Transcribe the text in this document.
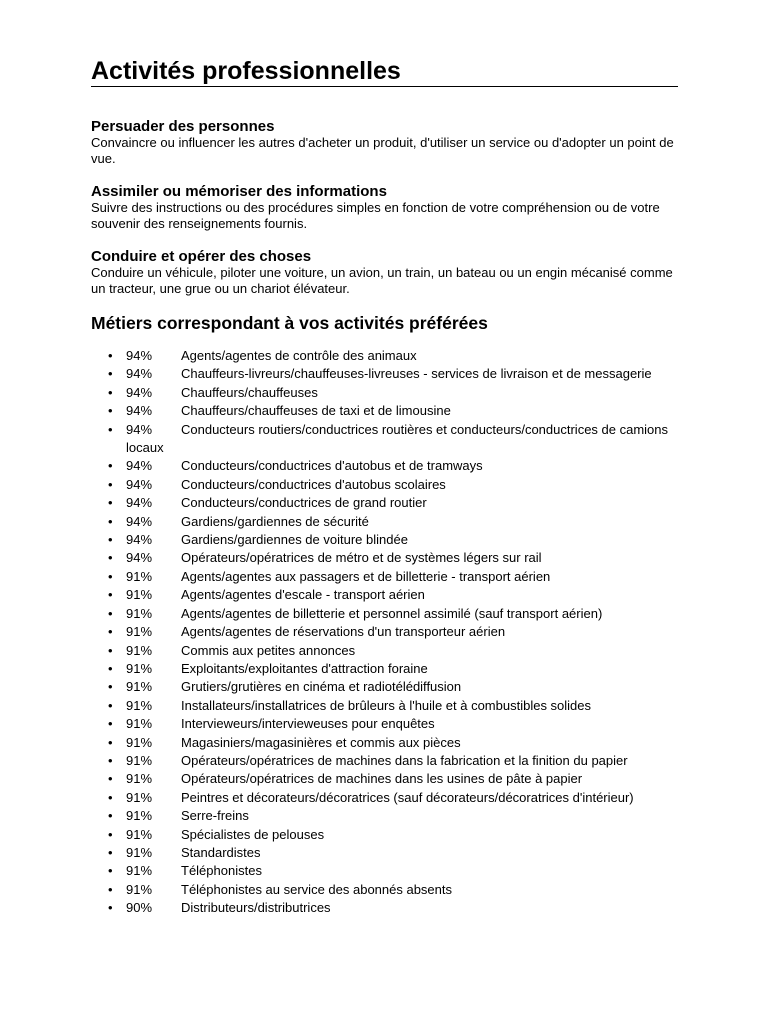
Activités professionnelles
Persuader des personnes

Convaincre ou influencer les autres d'acheter un produit, d'utiliser un service ou d'adopter un point de vue.

Assimiler ou mémoriser des informations

Suivre des instructions ou des procédures simples en fonction de votre compréhension ou de votre souvenir des renseignements fournis.

Conduire et opérer des choses

Conduire un véhicule, piloter une voiture, un avion, un train, un bateau ou un engin mécanisé comme un tracteur, une grue ou un chariot élévateur.

Métiers correspondant à vos activités préférées
• 94% Agents/agentes de contrôle des animaux
• 94% Chauffeurs-livreurs/chauffeuses-livreuses - services de livraison et de messagerie
• 94% Chauffeurs/chauffeuses
• 94% Chauffeurs/chauffeuses de taxi et de limousine
• 94% Conducteurs routiers/conductrices routières et conducteurs/conductrices de camions locaux
• 94% Conducteurs/conductrices d'autobus et de tramways
• 94% Conducteurs/conductrices d'autobus scolaires
• 94% Conducteurs/conductrices de grand routier
• 94% Gardiens/gardiennes de sécurité
• 94% Gardiens/gardiennes de voiture blindée
• 94% Opérateurs/opératrices de métro et de systèmes légers sur rail
• 91% Agents/agentes aux passagers et de billetterie - transport aérien
• 91% Agents/agentes d'escale - transport aérien
• 91% Agents/agentes de billetterie et personnel assimilé (sauf transport aérien)
• 91% Agents/agentes de réservations d'un transporteur aérien
• 91% Commis aux petites annonces
• 91% Exploitants/exploitantes d'attraction foraine
• 91% Grutiers/grutières en cinéma et radiotélédiffusion
• 91% Installateurs/installatrices de brûleurs à l'huile et à combustibles solides
• 91% Intervieweurs/intervieweuses pour enquêtes
• 91% Magasiniers/magasinières et commis aux pièces
• 91% Opérateurs/opératrices de machines dans la fabrication et la finition du papier
• 91% Opérateurs/opératrices de machines dans les usines de pâte à papier
• 91% Peintres et décorateurs/décoratrices (sauf décorateurs/décoratrices d'intérieur)
• 91% Serre-freins
• 91% Spécialistes de pelouses
• 91% Standardistes
• 91% Téléphonistes
• 91% Téléphonistes au service des abonnés absents
• 90% Distributeurs/distributrices
